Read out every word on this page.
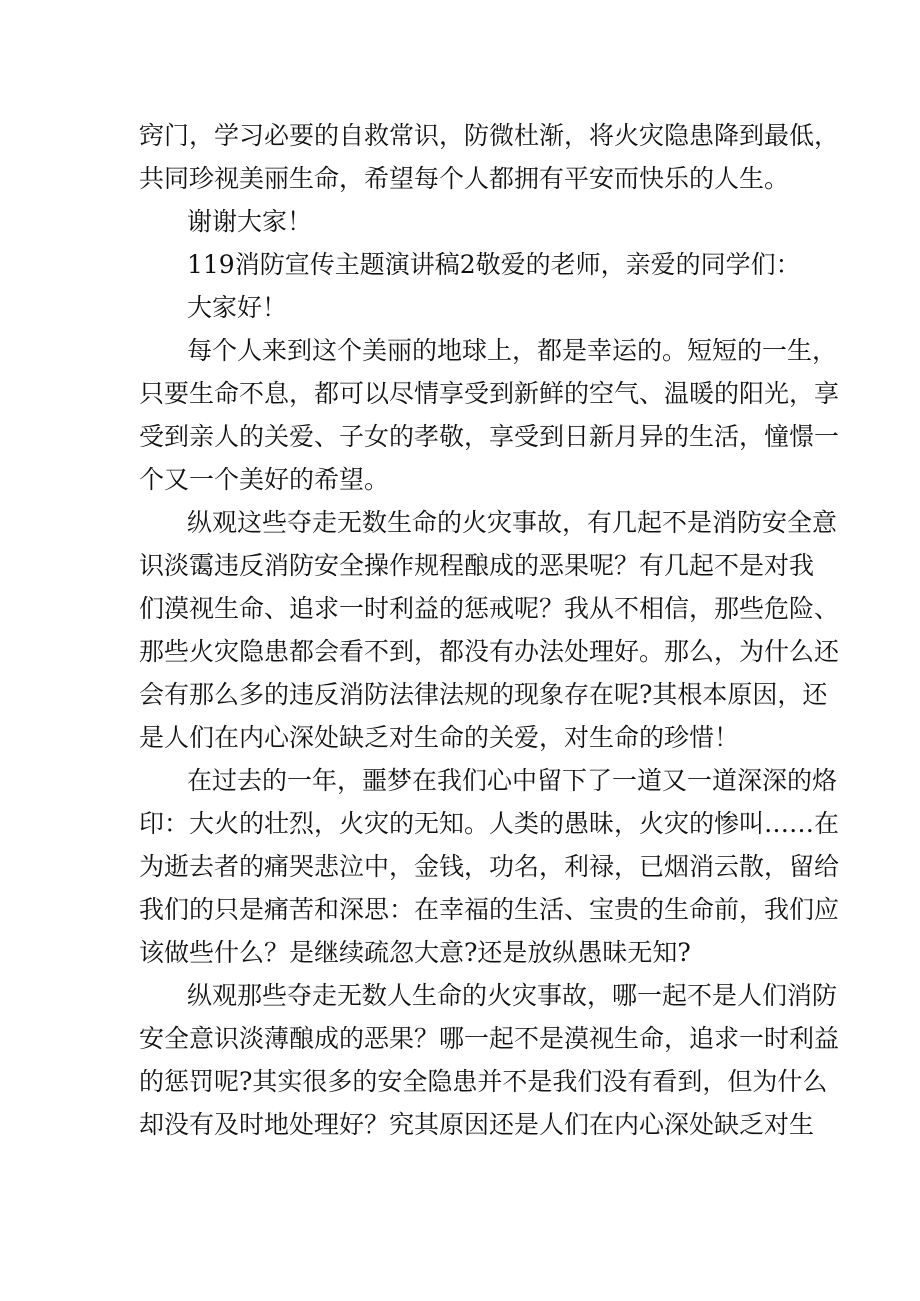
窍门，学习必要的自救常识，防微杜渐，将火灾隐患降到最低，
共同珍视美丽生命，希望每个人都拥有平安而快乐的人生。

谢谢大家！

119消防宣传主题演讲稿2敬爱的老师，亲爱的同学们：

大家好！

每个人来到这个美丽的地球上，都是幸运的。短短的一生，
只要生命不息，都可以尽情享受到新鲜的空气、温暖的阳光，享
受到亲人的关爱、子女的孝敬，享受到日新月异的生活，憧憬一
个又一个美好的希望。

纵观这些夺走无数生命的火灾事故，有几起不是消防安全意
识淡霭违反消防安全操作规程酿成的恶果呢？有几起不是对我
们漠视生命、追求一时利益的惩戒呢？我从不相信，那些危险、
那些火灾隐患都会看不到，都没有办法处理好。那么，为什么还
会有那么多的违反消防法律法规的现象存在呢?其根本原因，还
是人们在内心深处缺乏对生命的关爱，对生命的珍惜！

在过去的一年，噩梦在我们心中留下了一道又一道深深的烙
印：大火的壮烈，火灾的无知。人类的愚昧，火灾的惨叫……在
为逝去者的痛哭悲泣中，金钱，功名，利禄，已烟消云散，留给
我们的只是痛苦和深思：在幸福的生活、宝贵的生命前，我们应
该做些什么？是继续疏忽大意?还是放纵愚昧无知?

纵观那些夺走无数人生命的火灾事故，哪一起不是人们消防
安全意识淡薄酿成的恶果？哪一起不是漠视生命，追求一时利益
的惩罚呢?其实很多的安全隐患并不是我们没有看到，但为什么
却没有及时地处理好？究其原因还是人们在内心深处缺乏对生
